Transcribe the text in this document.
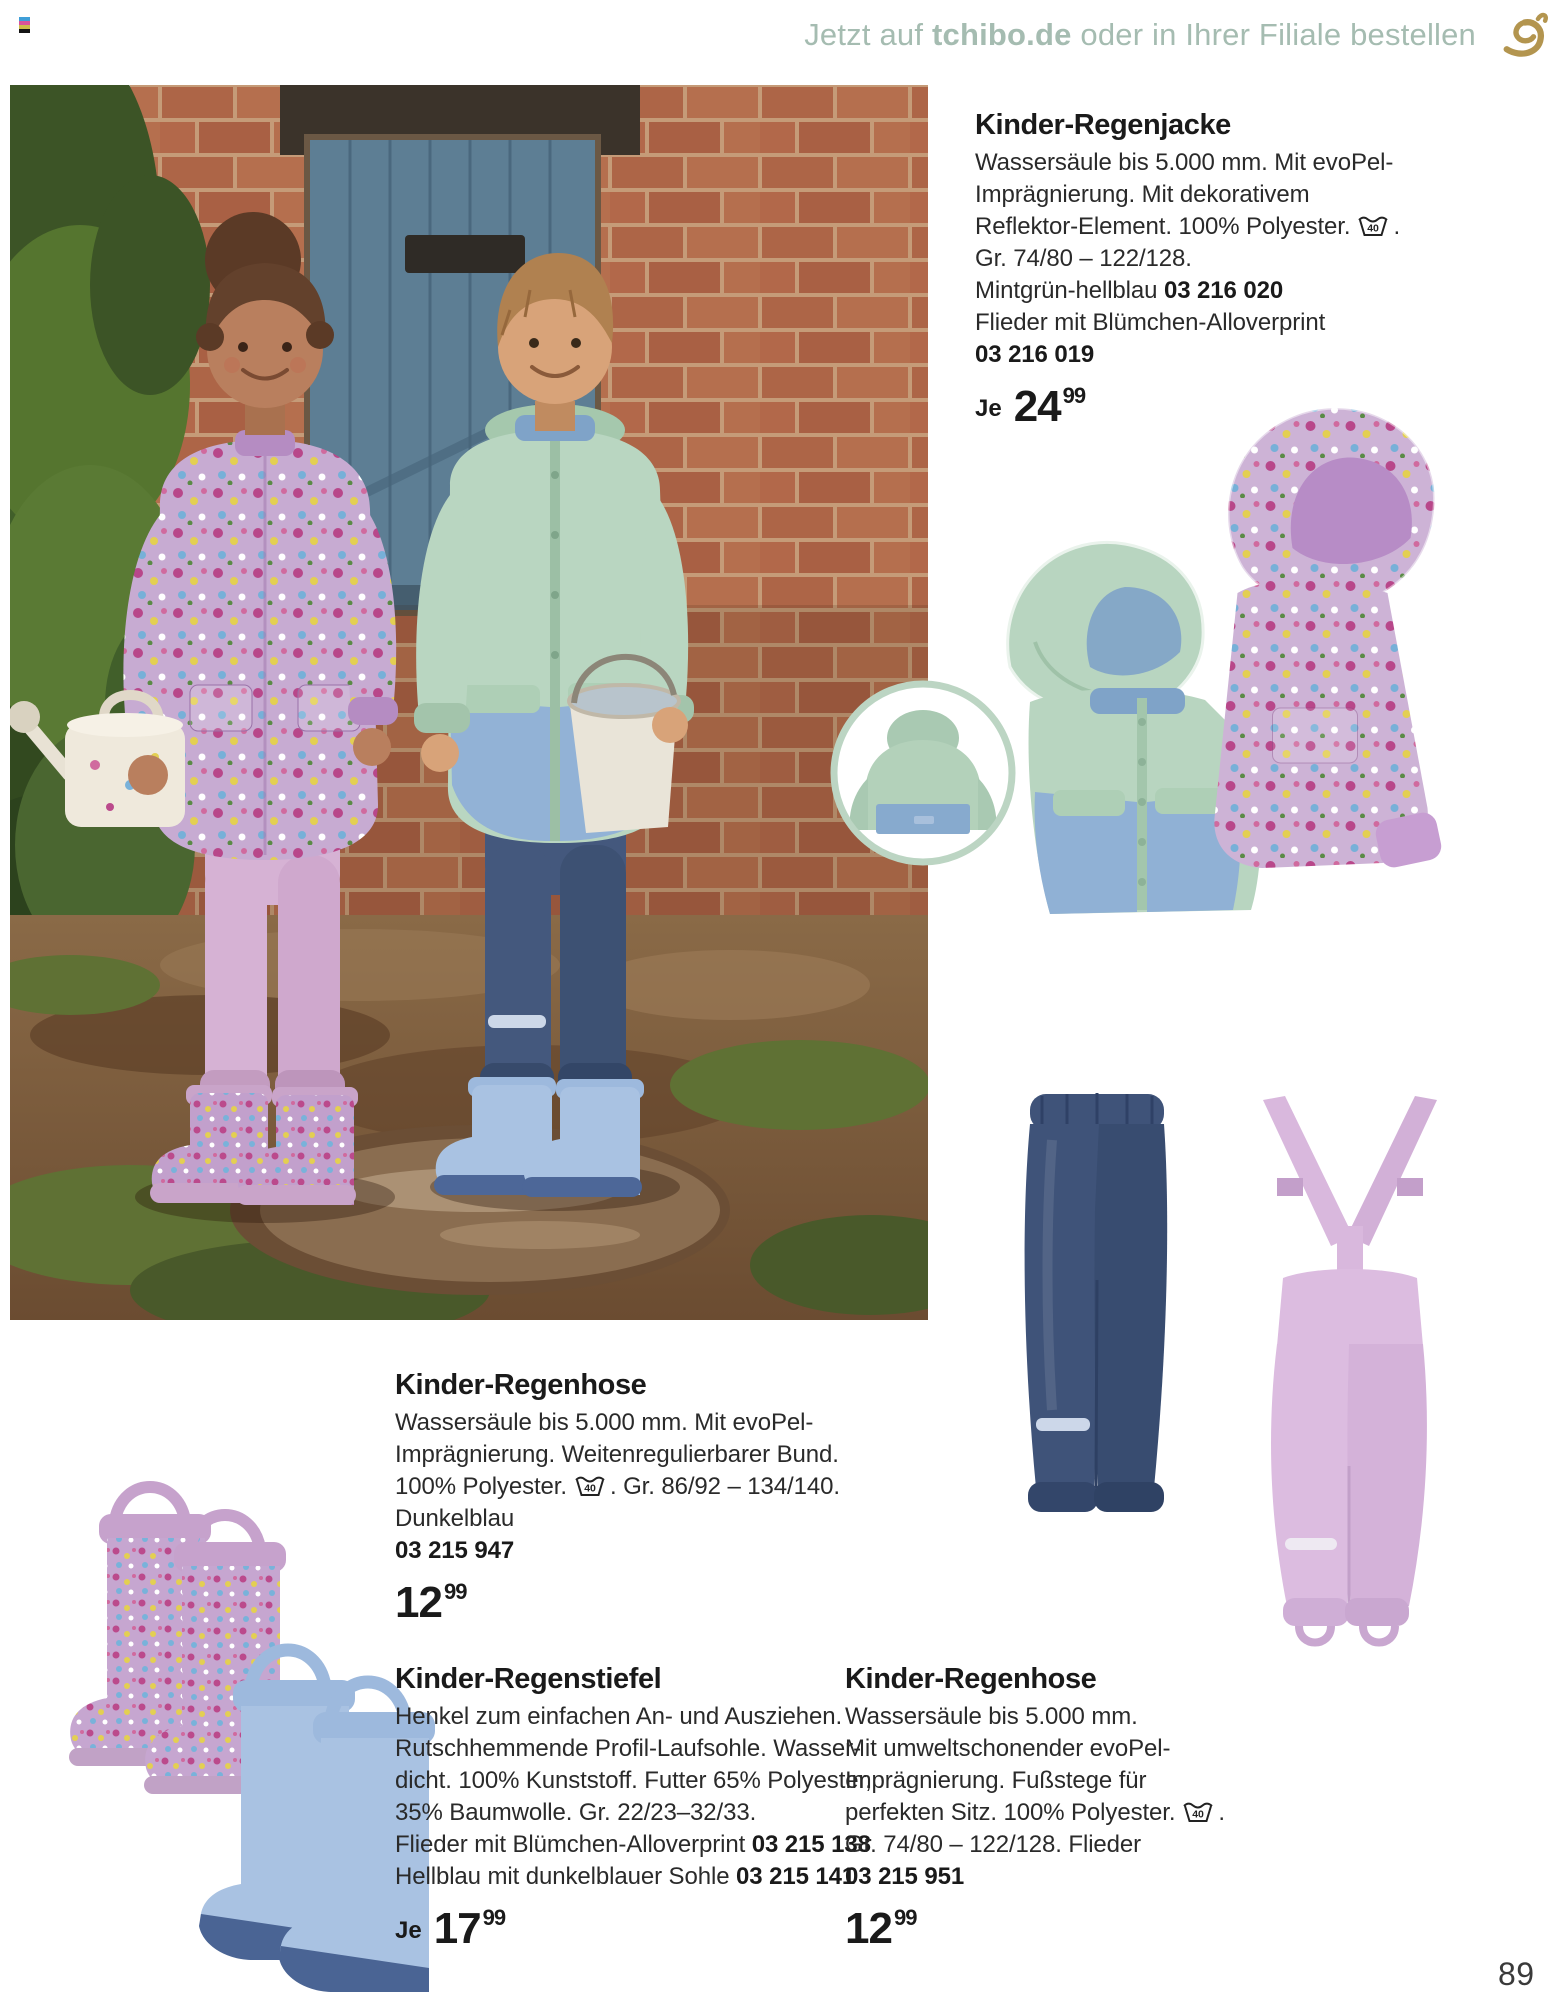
Jetzt auf tchibo.de oder in Ihrer Filiale bestellen
Kinder-Regenjacke

Wassersäule bis 5.000 mm. Mit evoPel-

Imprägnierung. Mit dekorativem

Reflektor-Element. 100% Polyester. 40 .

Gr. 74/80 – 122/128.

Mintgrün-hellblau 03 216 020

Flieder mit Blümchen-Alloverprint

03 216 019

Je $24^{99}$
Kinder-Regenhose

Wassersäule bis 5.000 mm. Mit evoPel-

Imprägnierung. Weitenregulierbarer Bund.

100% Polyester. 40 . Gr. 86/92 – 134/140.

Dunkelblau

03 215 947

$12^{99}$
Kinder-Regenstiefel

Henkel zum einfachen An- und Ausziehen.

Rutschhemmende Profil-Laufsohle. Wasser-

dicht. 100% Kunststoff. Futter 65% Polyester,

35% Baumwolle. Gr. 22/23–32/33.

Flieder mit Blümchen-Alloverprint 03 215 138

Hellblau mit dunkelblauer Sohle 03 215 141

Je $17^{99}$
Kinder-Regenhose

Wassersäule bis 5.000 mm.

Mit umweltschonender evoPel-

Imprägnierung. Fußstege für

perfekten Sitz. 100% Polyester. 40 .

Gr. 74/80 – 122/128. Flieder

03 215 951

$12^{99}$
89
